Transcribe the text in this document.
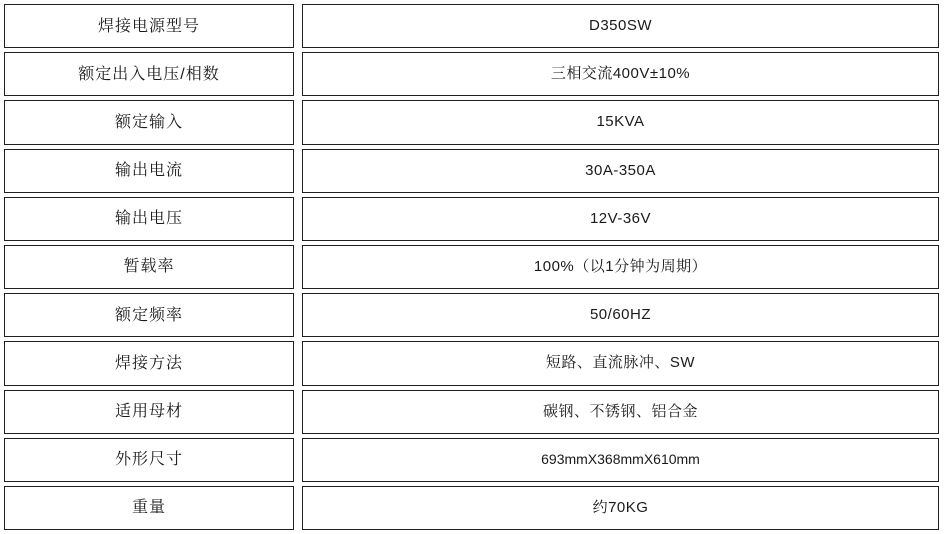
焊接电源型号	D350SW
额定出入电压/相数	三相交流400V±10%
额定输入	15KVA
输出电流	30A-350A
输出电压	12V-36V
暂载率	100%（以1分钟为周期）
额定频率	50/60HZ
焊接方法	短路、直流脉冲、SW
适用母材	碳钢、不锈钢、铝合金
外形尺寸	693mmX368mmX610mm
重量	约70KG
